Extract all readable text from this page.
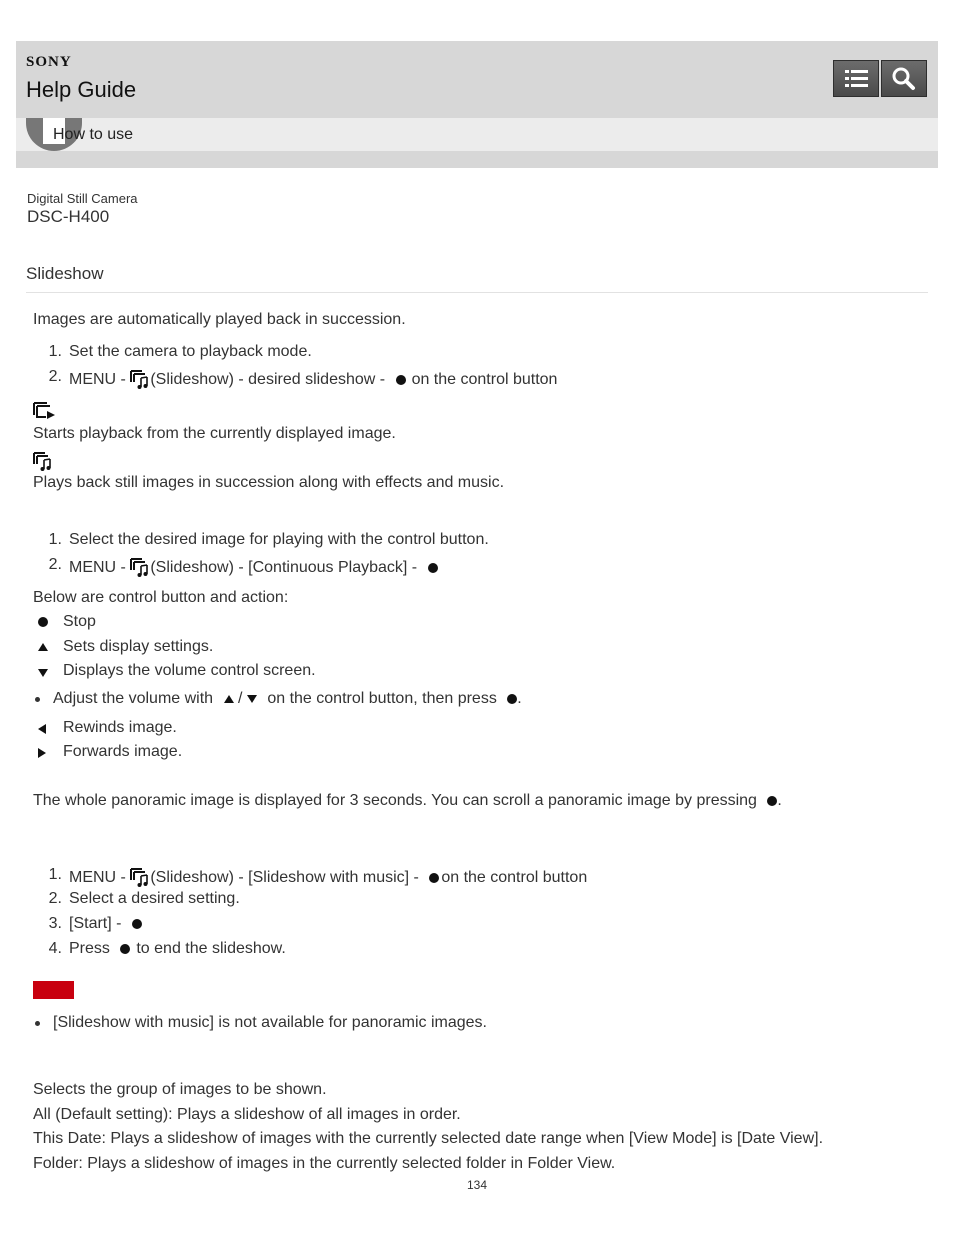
SONY
Help Guide
How to use
Digital Still Camera
DSC-H400
Slideshow
Images are automatically played back in succession.
1. Set the camera to playback mode.
2. MENU - (Slideshow) - desired slideshow - on the control button
Starts playback from the currently displayed image.
Plays back still images in succession along with effects and music.
1. Select the desired image for playing with the control button.
2. MENU - (Slideshow) - [Continuous Playback] -
Below are control button and action:
Stop
Sets display settings.
Displays the volume control screen.
Adjust the volume with / on the control button, then press .
Rewinds image.
Forwards image.
The whole panoramic image is displayed for 3 seconds. You can scroll a panoramic image by pressing .
1. MENU - (Slideshow) - [Slideshow with music] - on the control button
2. Select a desired setting.
3. [Start] -
4. Press to end the slideshow.
[Slideshow with music] is not available for panoramic images.
Selects the group of images to be shown.
All (Default setting): Plays a slideshow of all images in order.
This Date: Plays a slideshow of images with the currently selected date range when [View Mode] is [Date View].
Folder: Plays a slideshow of images in the currently selected folder in Folder View.
134
